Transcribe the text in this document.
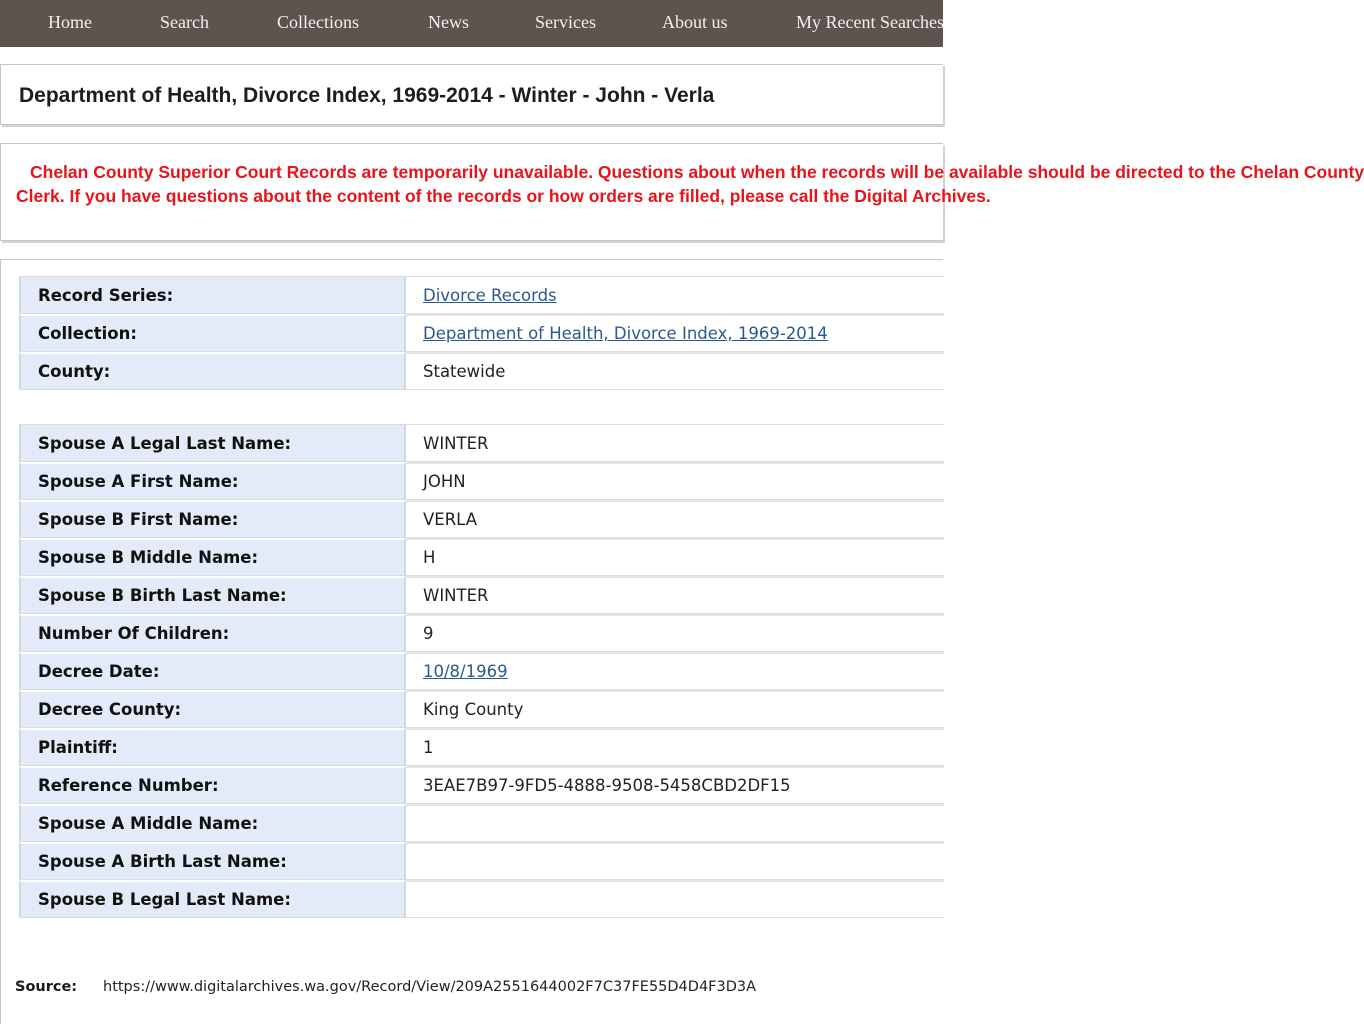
Home	Search	Collections	News	Services	About us	My Recent Searches
Department of Health, Divorce Index, 1969-2014 - Winter - John - Verla
Chelan County Superior Court Records are temporarily unavailable. Questions about when the records will be available should be directed to the Chelan County
Clerk. If you have questions about the content of the records or how orders are filled, please call the Digital Archives.
Record Series:	Divorce Records
Collection:	Department of Health, Divorce Index, 1969-2014
County:	Statewide
Spouse A Legal Last Name:	WINTER
Spouse A First Name:	JOHN
Spouse B First Name:	VERLA
Spouse B Middle Name:	H
Spouse B Birth Last Name:	WINTER
Number Of Children:	9
Decree Date:	10/8/1969
Decree County:	King County
Plaintiff:	1
Reference Number:	3EAE7B97-9FD5-4888-9508-5458CBD2DF15
Spouse A Middle Name:	
Spouse A Birth Last Name:	
Spouse B Legal Last Name:	
Source: https://www.digitalarchives.wa.gov/Record/View/209A2551644002F7C37FE55D4D4F3D3A
